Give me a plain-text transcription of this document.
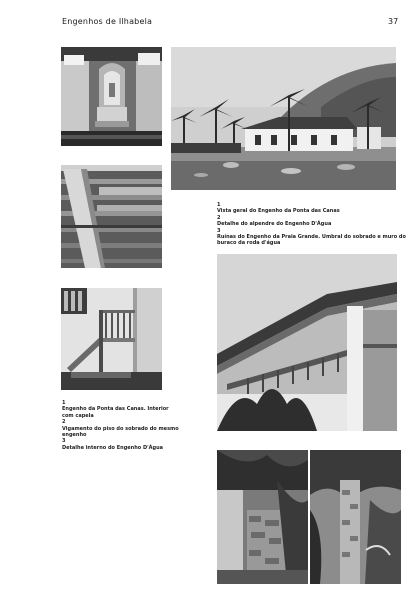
Engenhos de Ilhabela	37
1
Vista geral do Engenho da Ponta das Canas
2
Detalhe do alpendre do Engenho D'Água
3
Ruínas do Engenho da Praia Grande. Umbral do sobrado e muro do
buraco da roda d'água
1
Engenho da Ponta das Canas. Interior
com capela
2
Vigamento do piso do sobrado do mesmo
engenho
3
Detalhe interno do Engenho D'Água
